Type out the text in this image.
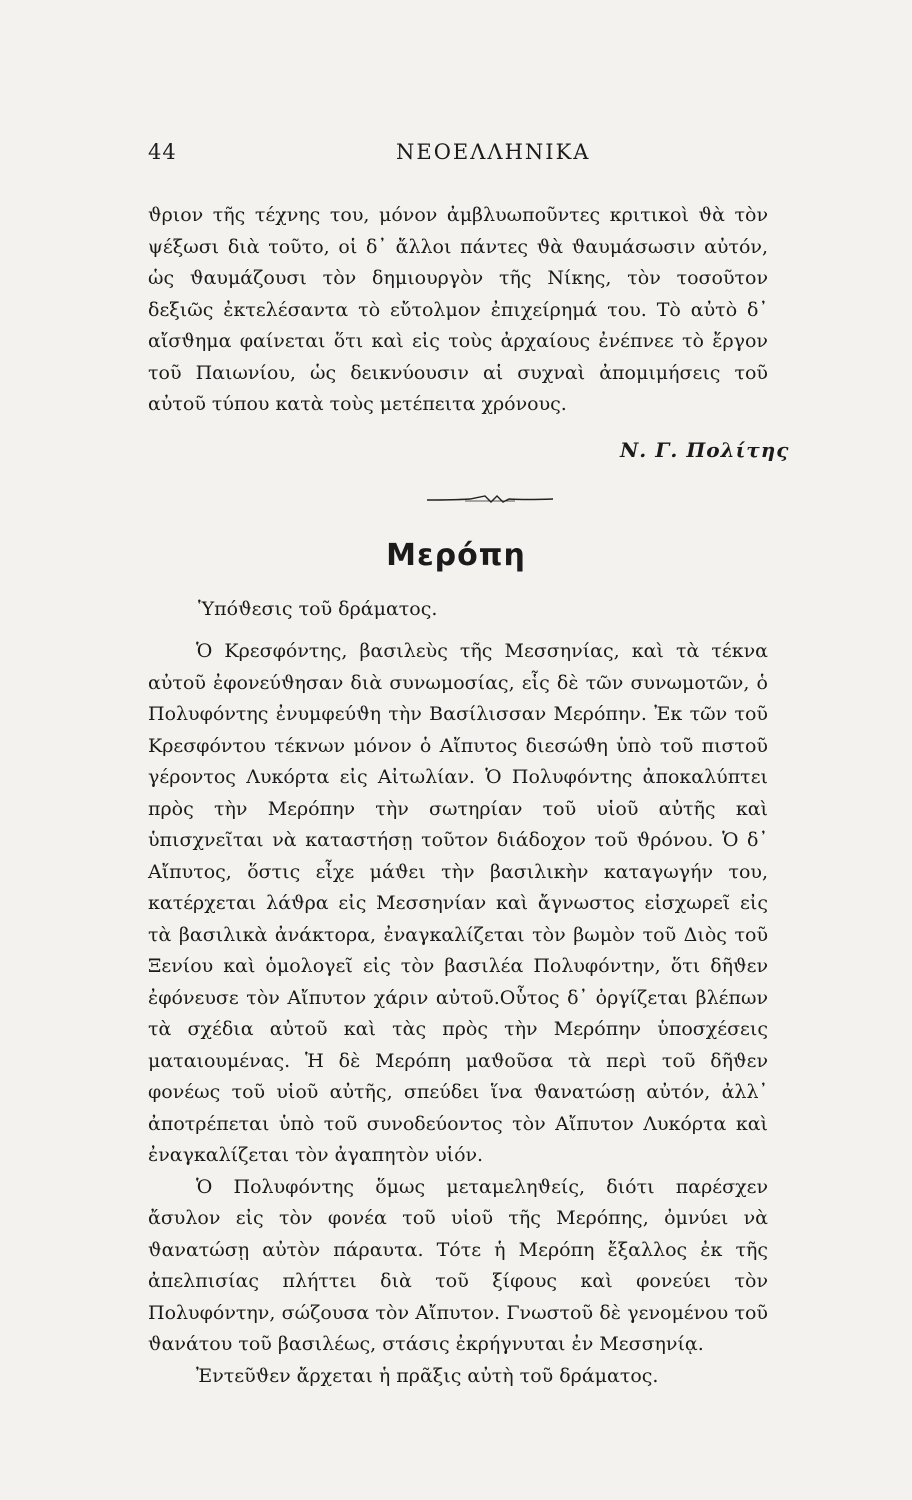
44	ΝΕΟΕΛΛΗΝΙΚΑ

ϑριον τῆς τέχνης του, μόνον ἀμβλυωποῦντες κριτικοὶ ϑὰ τὸν ψέξωσι διὰ τοῦτο, οἱ δ᾿ ἄλλοι πάντες ϑὰ ϑαυμάσωσιν αὐτόν, ὡς ϑαυμάζουσι τὸν δημιουργὸν τῆς Νίκης, τὸν τοσοῦτον δεξιῶς ἐκτελέσαντα τὸ εὔτολμον ἐπιχείρημά του. Τὸ αὐτὸ δ᾿ αἴσϑημα φαίνεται ὅτι καὶ εἰς τοὺς ἀρχαίους ἐνέπνεε τὸ ἔργον τοῦ Παιωνίου, ὡς δεικνύουσιν αἱ συχναὶ ἀπομιμήσεις τοῦ αὐτοῦ τύπου κατὰ τοὺς μετέπειτα χρόνους.

Ν. Γ. Πολίτης
Μερόπη
Ὑπόϑεσις τοῦ δράματος.

Ὁ Κρεσφόντης, βασιλεὺς τῆς Μεσσηνίας, καὶ τὰ τέκνα αὐτοῦ ἐφονεύϑησαν διὰ συνωμοσίας, εἷς δὲ τῶν συνωμοτῶν, ὁ Πολυφόντης ἐνυμφεύϑη τὴν Βασίλισσαν Μερόπην. Ἐκ τῶν τοῦ Κρεσφόντου τέκνων μόνον ὁ Αἴπυτος διεσώϑη ὑπὸ τοῦ πιστοῦ γέροντος Λυκόρτα εἰς Αἰτωλίαν. Ὁ Πολυφόντης ἀποκαλύπτει πρὸς τὴν Μερόπην τὴν σωτηρίαν τοῦ υἱοῦ αὐτῆς καὶ ὑπισχνεῖται νὰ καταστήσῃ τοῦτον διάδοχον τοῦ ϑρόνου. Ὁ δ᾿ Αἴπυτος, ὅστις εἶχε μάϑει τὴν βασιλικὴν καταγωγήν του, κατέρχεται λάϑρα εἰς Μεσσηνίαν καὶ ἄγνωστος εἰσχωρεῖ εἰς τὰ βασιλικὰ ἀνάκτορα, ἐναγκαλίζεται τὸν βωμὸν τοῦ Διὸς τοῦ Ξενίου καὶ ὁμολογεῖ εἰς τὸν βασιλέα Πολυφόντην, ὅτι δῆϑεν ἐφόνευσε τὸν Αἴπυτον χάριν αὐτοῦ.Οὗτος δ᾿ ὀργίζεται βλέπων τὰ σχέδια αὐτοῦ καὶ τὰς πρὸς τὴν Μερόπην ὑποσχέσεις ματαιουμένας. Ἡ δὲ Μερόπη μαϑοῦσα τὰ περὶ τοῦ δῆϑεν φονέως τοῦ υἱοῦ αὐτῆς, σπεύδει ἵνα ϑανατώσῃ αὐτόν, ἀλλ᾿ ἀποτρέπεται ὑπὸ τοῦ συνοδεύοντος τὸν Αἴπυτον Λυκόρτα καὶ ἐναγκαλίζεται τὸν ἀγαπητὸν υἱόν.

Ὁ Πολυφόντης ὅμως μεταμεληϑείς, διότι παρέσχεν ἄσυλον εἰς τὸν φονέα τοῦ υἱοῦ τῆς Μερόπης, ὀμνύει νὰ ϑανατώσῃ αὐτὸν πάραυτα. Τότε ἡ Μερόπη ἔξαλλος ἐκ τῆς ἀπελπισίας πλήττει διὰ τοῦ ξίφους καὶ φονεύει τὸν Πολυφόντην, σώζουσα τὸν Αἴπυτον. Γνωστοῦ δὲ γενομένου τοῦ ϑανάτου τοῦ βασιλέως, στάσις ἐκρήγνυται ἐν Μεσσηνίᾳ.

Ἐντεῦϑεν ἄρχεται ἡ πρᾶξις αὐτὴ τοῦ δράματος.
